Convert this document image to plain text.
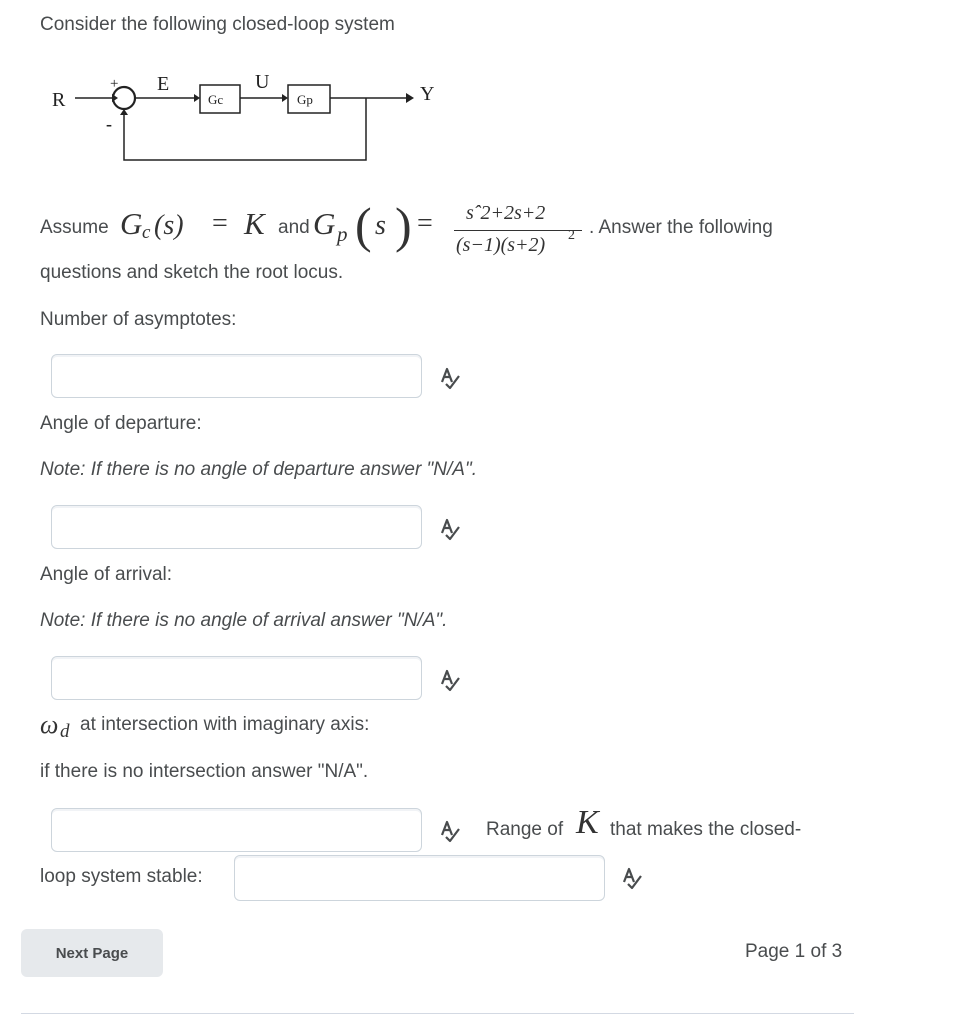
Consider the following closed-loop system
R
E	U
Y
+
-
Gc	Gp
Assume G c (s) = K and G p ( s ) = sˆ2+2s+2
(s−1)(s+2) 2 . Answer the following
questions and sketch the root locus.
Number of asymptotes:
Angle of departure:
Note: If there is no angle of departure answer "N/A".
Angle of arrival:
Note: If there is no angle of arrival answer "N/A".
ω d at intersection with imaginary axis:
if there is no intersection answer "N/A".
Range of K that makes the closed-
loop system stable:
Next Page	Page 1 of 3
